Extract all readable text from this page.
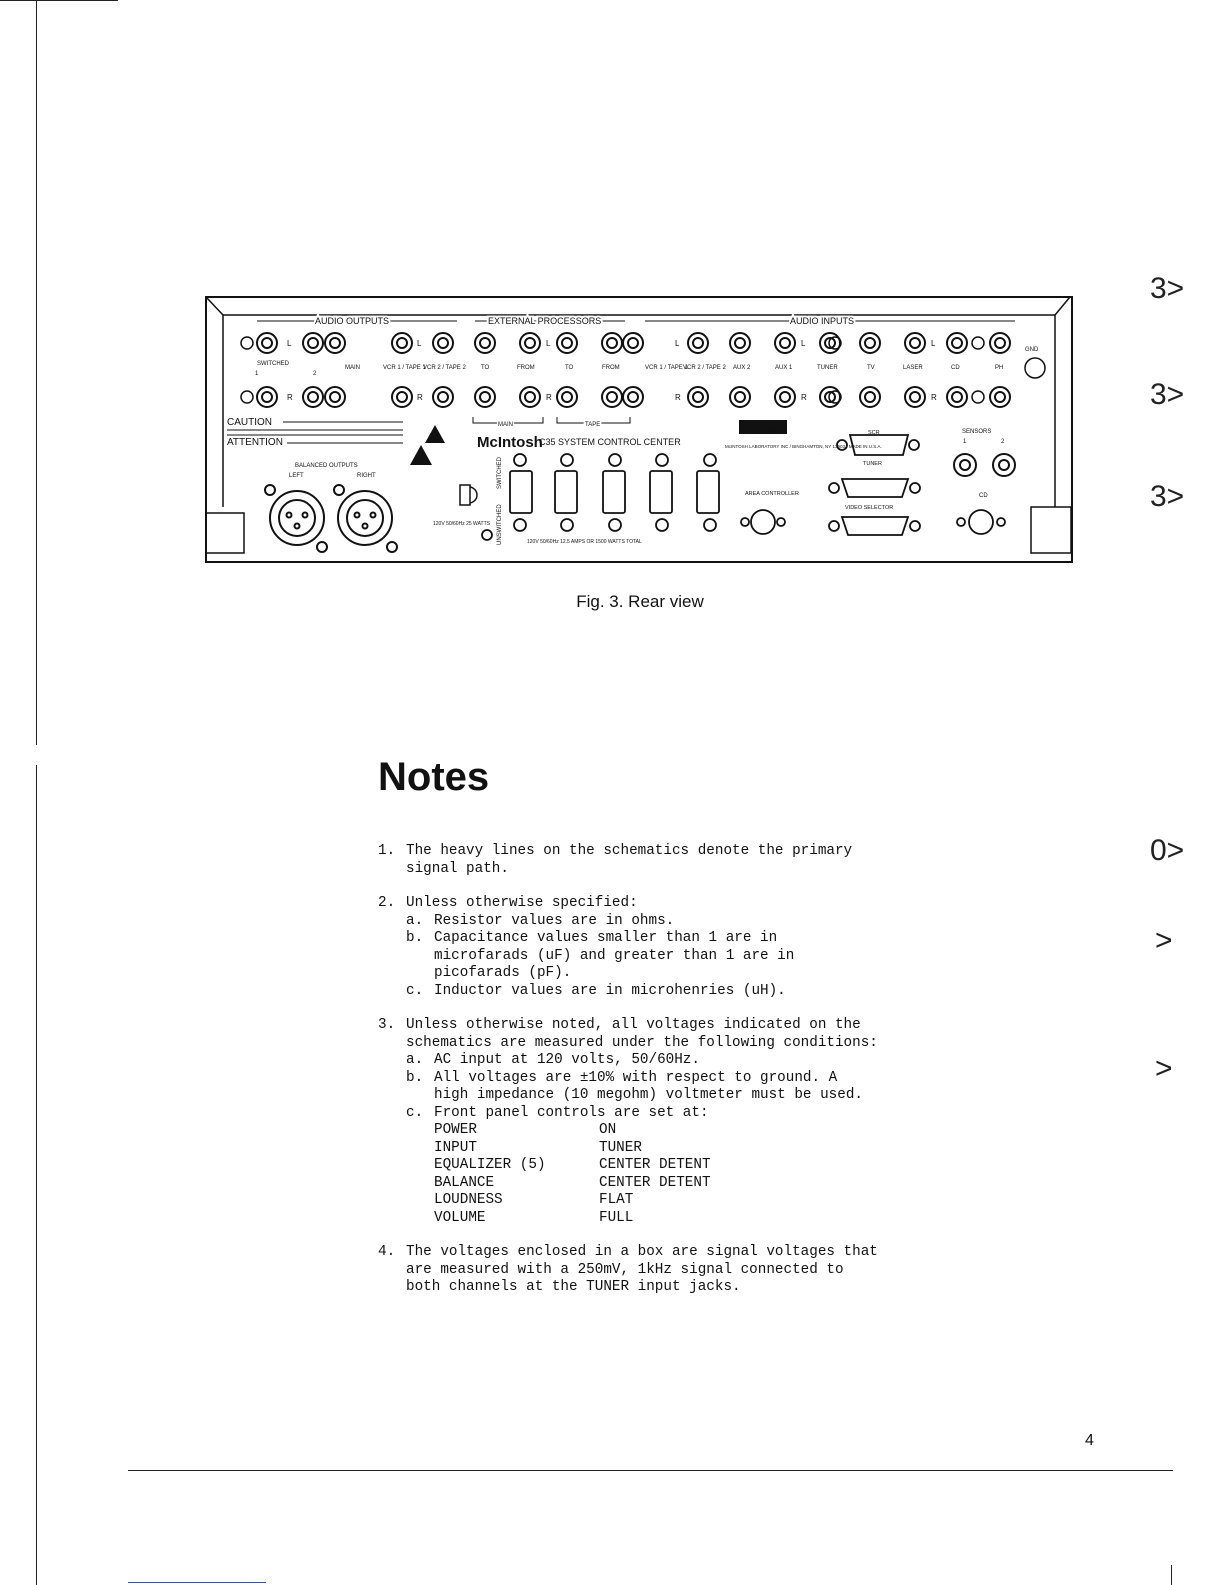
AUDIO OUTPUTS	EXTERNAL PROCESSORS	AUDIO INPUTS
L	L	L	L	L	L
R	R	R	R	R	R
SWITCHED
1	2
MAIN	VCR 1 / TAPE 1
VCR 2 / TAPE 2	TO	FROM	TO	FROM	VCR 1 / TAPE 1
VCR 2 / TAPE 2 AUX 2	AUX 1	TUNER	TV	LASER	CD	PH
GND
MAIN	TAPE
CAUTION
ATTENTION	McIntosh
C35 SYSTEM CONTROL CENTER
SERIAL NO
McINTOSH LABORATORY INC / BINGHAMTON, NY 13903 / MADE IN U.S.A.
120V 50/60Hz 25 WATTS UNSWITCHED
SWITCHED
120V 50/60Hz 12.5 AMPS OR 1500 WATTS TOTAL
BALANCED OUTPUTS
LEFT	RIGHT
AREA CONTROLLER
SCR
TUNER
VIDEO SELECTOR
SENSORS
1	2
CD
Fig. 3. Rear view
Notes
1. The heavy lines on the schematics denote the primary
signal path.
2. Unless otherwise specified:
a. Resistor values are in ohms.
b. Capacitance values smaller than 1 are in microfarads (uF) and greater than 1 are in picofarads (pF).
c. Inductor values are in microhenries (uH).
3. Unless otherwise noted, all voltages indicated on the
schematics are measured under the following conditions:
a. AC input at 120 volts, 50/60Hz.
b. All voltages are ±10% with respect to ground. A high impedance (10 megohm) voltmeter must be used.
c. Front panel controls are set at:
POWER	ON
INPUT	TUNER
EQUALIZER (5)	CENTER DETENT
BALANCE	CENTER DETENT
LOUDNESS	FLAT
VOLUME	FULL
4. The voltages enclosed in a box are signal voltages that
are measured with a 250mV, 1kHz signal connected to
both channels at the TUNER input jacks.
3>
3>
3>
0>
>
>
4
